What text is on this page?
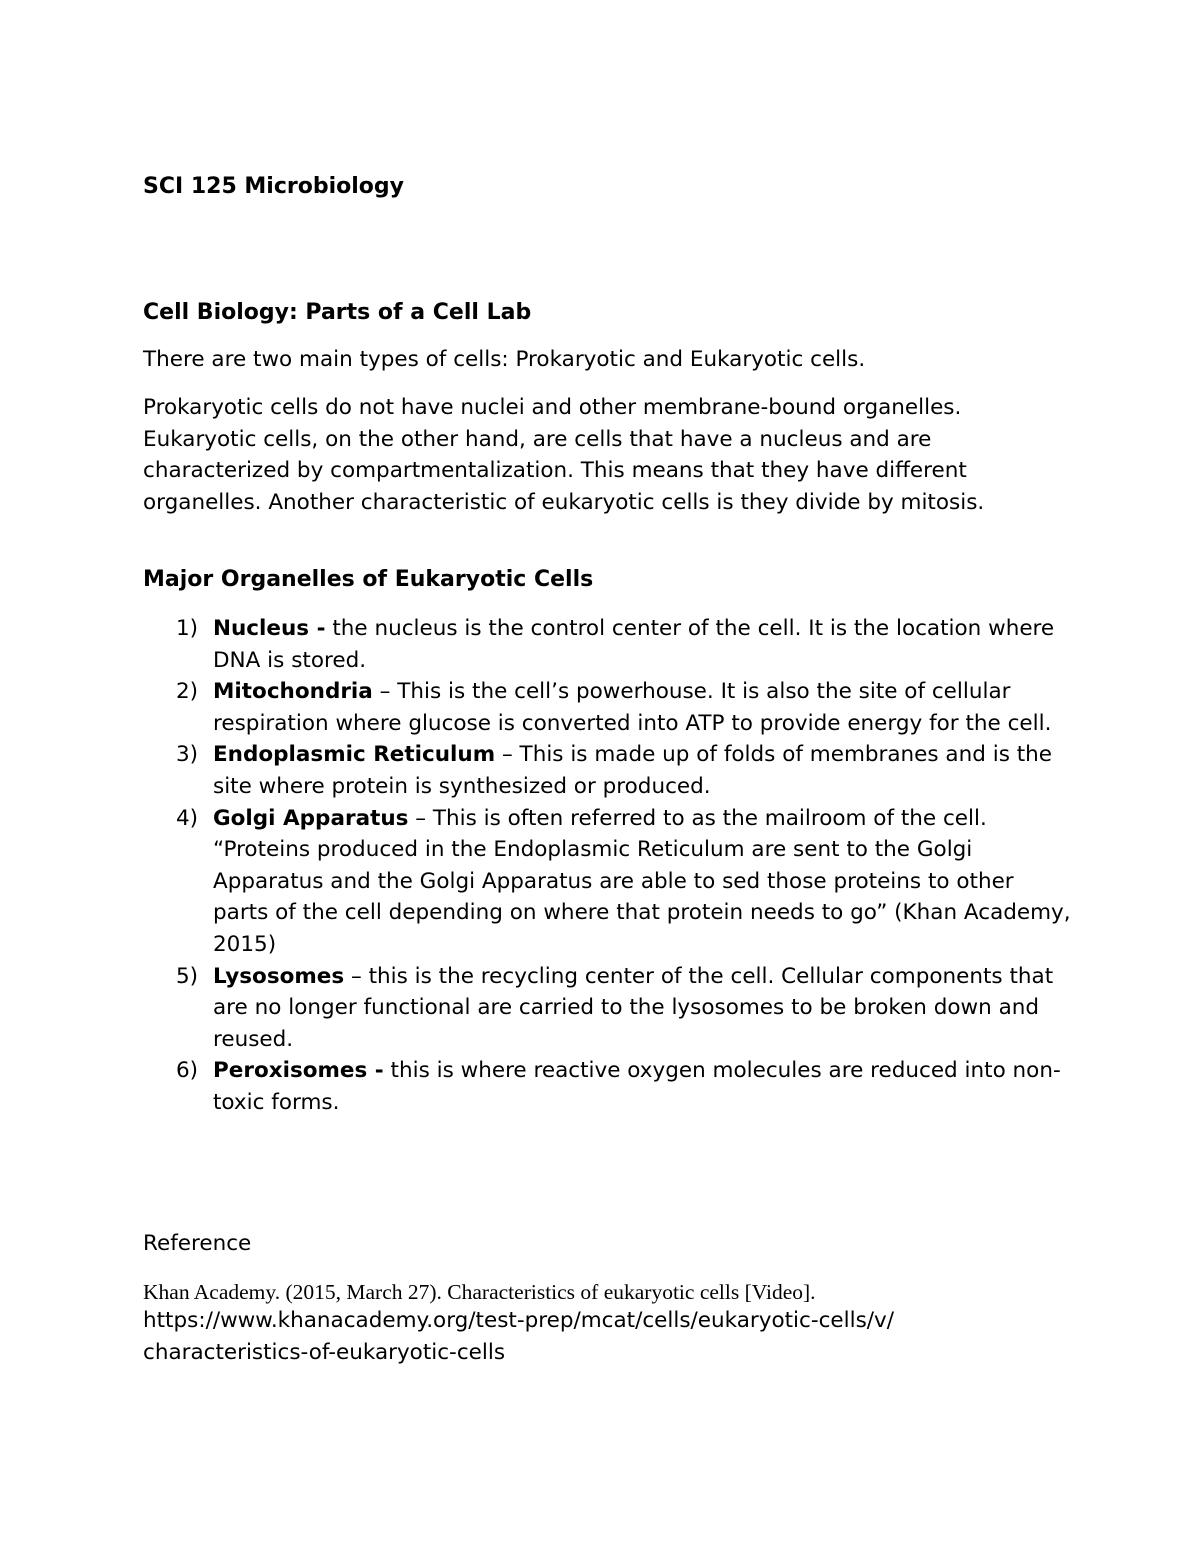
SCI 125 Microbiology
Cell Biology: Parts of a Cell Lab

There are two main types of cells: Prokaryotic and Eukaryotic cells.

Prokaryotic cells do not have nuclei and other membrane-bound organelles. Eukaryotic cells, on the other hand, are cells that have a nucleus and are characterized by compartmentalization. This means that they have different organelles. Another characteristic of eukaryotic cells is they divide by mitosis.

Major Organelles of Eukaryotic Cells
1) Nucleus - the nucleus is the control center of the cell. It is the location where DNA is stored.
2) Mitochondria – This is the cell’s powerhouse. It is also the site of cellular respiration where glucose is converted into ATP to provide energy for the cell.
3) Endoplasmic Reticulum – This is made up of folds of membranes and is the site where protein is synthesized or produced.
4) Golgi Apparatus – This is often referred to as the mailroom of the cell. “Proteins produced in the Endoplasmic Reticulum are sent to the Golgi Apparatus and the Golgi Apparatus are able to sed those proteins to other parts of the cell depending on where that protein needs to go” (Khan Academy, 2015)
5) Lysosomes – this is the recycling center of the cell. Cellular components that are no longer functional are carried to the lysosomes to be broken down and reused.
6) Peroxisomes - this is where reactive oxygen molecules are reduced into non-toxic forms.

Reference

Khan Academy. (2015, March 27). Characteristics of eukaryotic cells [Video].

https://www.khanacademy.org/test-prep/mcat/cells/eukaryotic-cells/v/
characteristics-of-eukaryotic-cells
